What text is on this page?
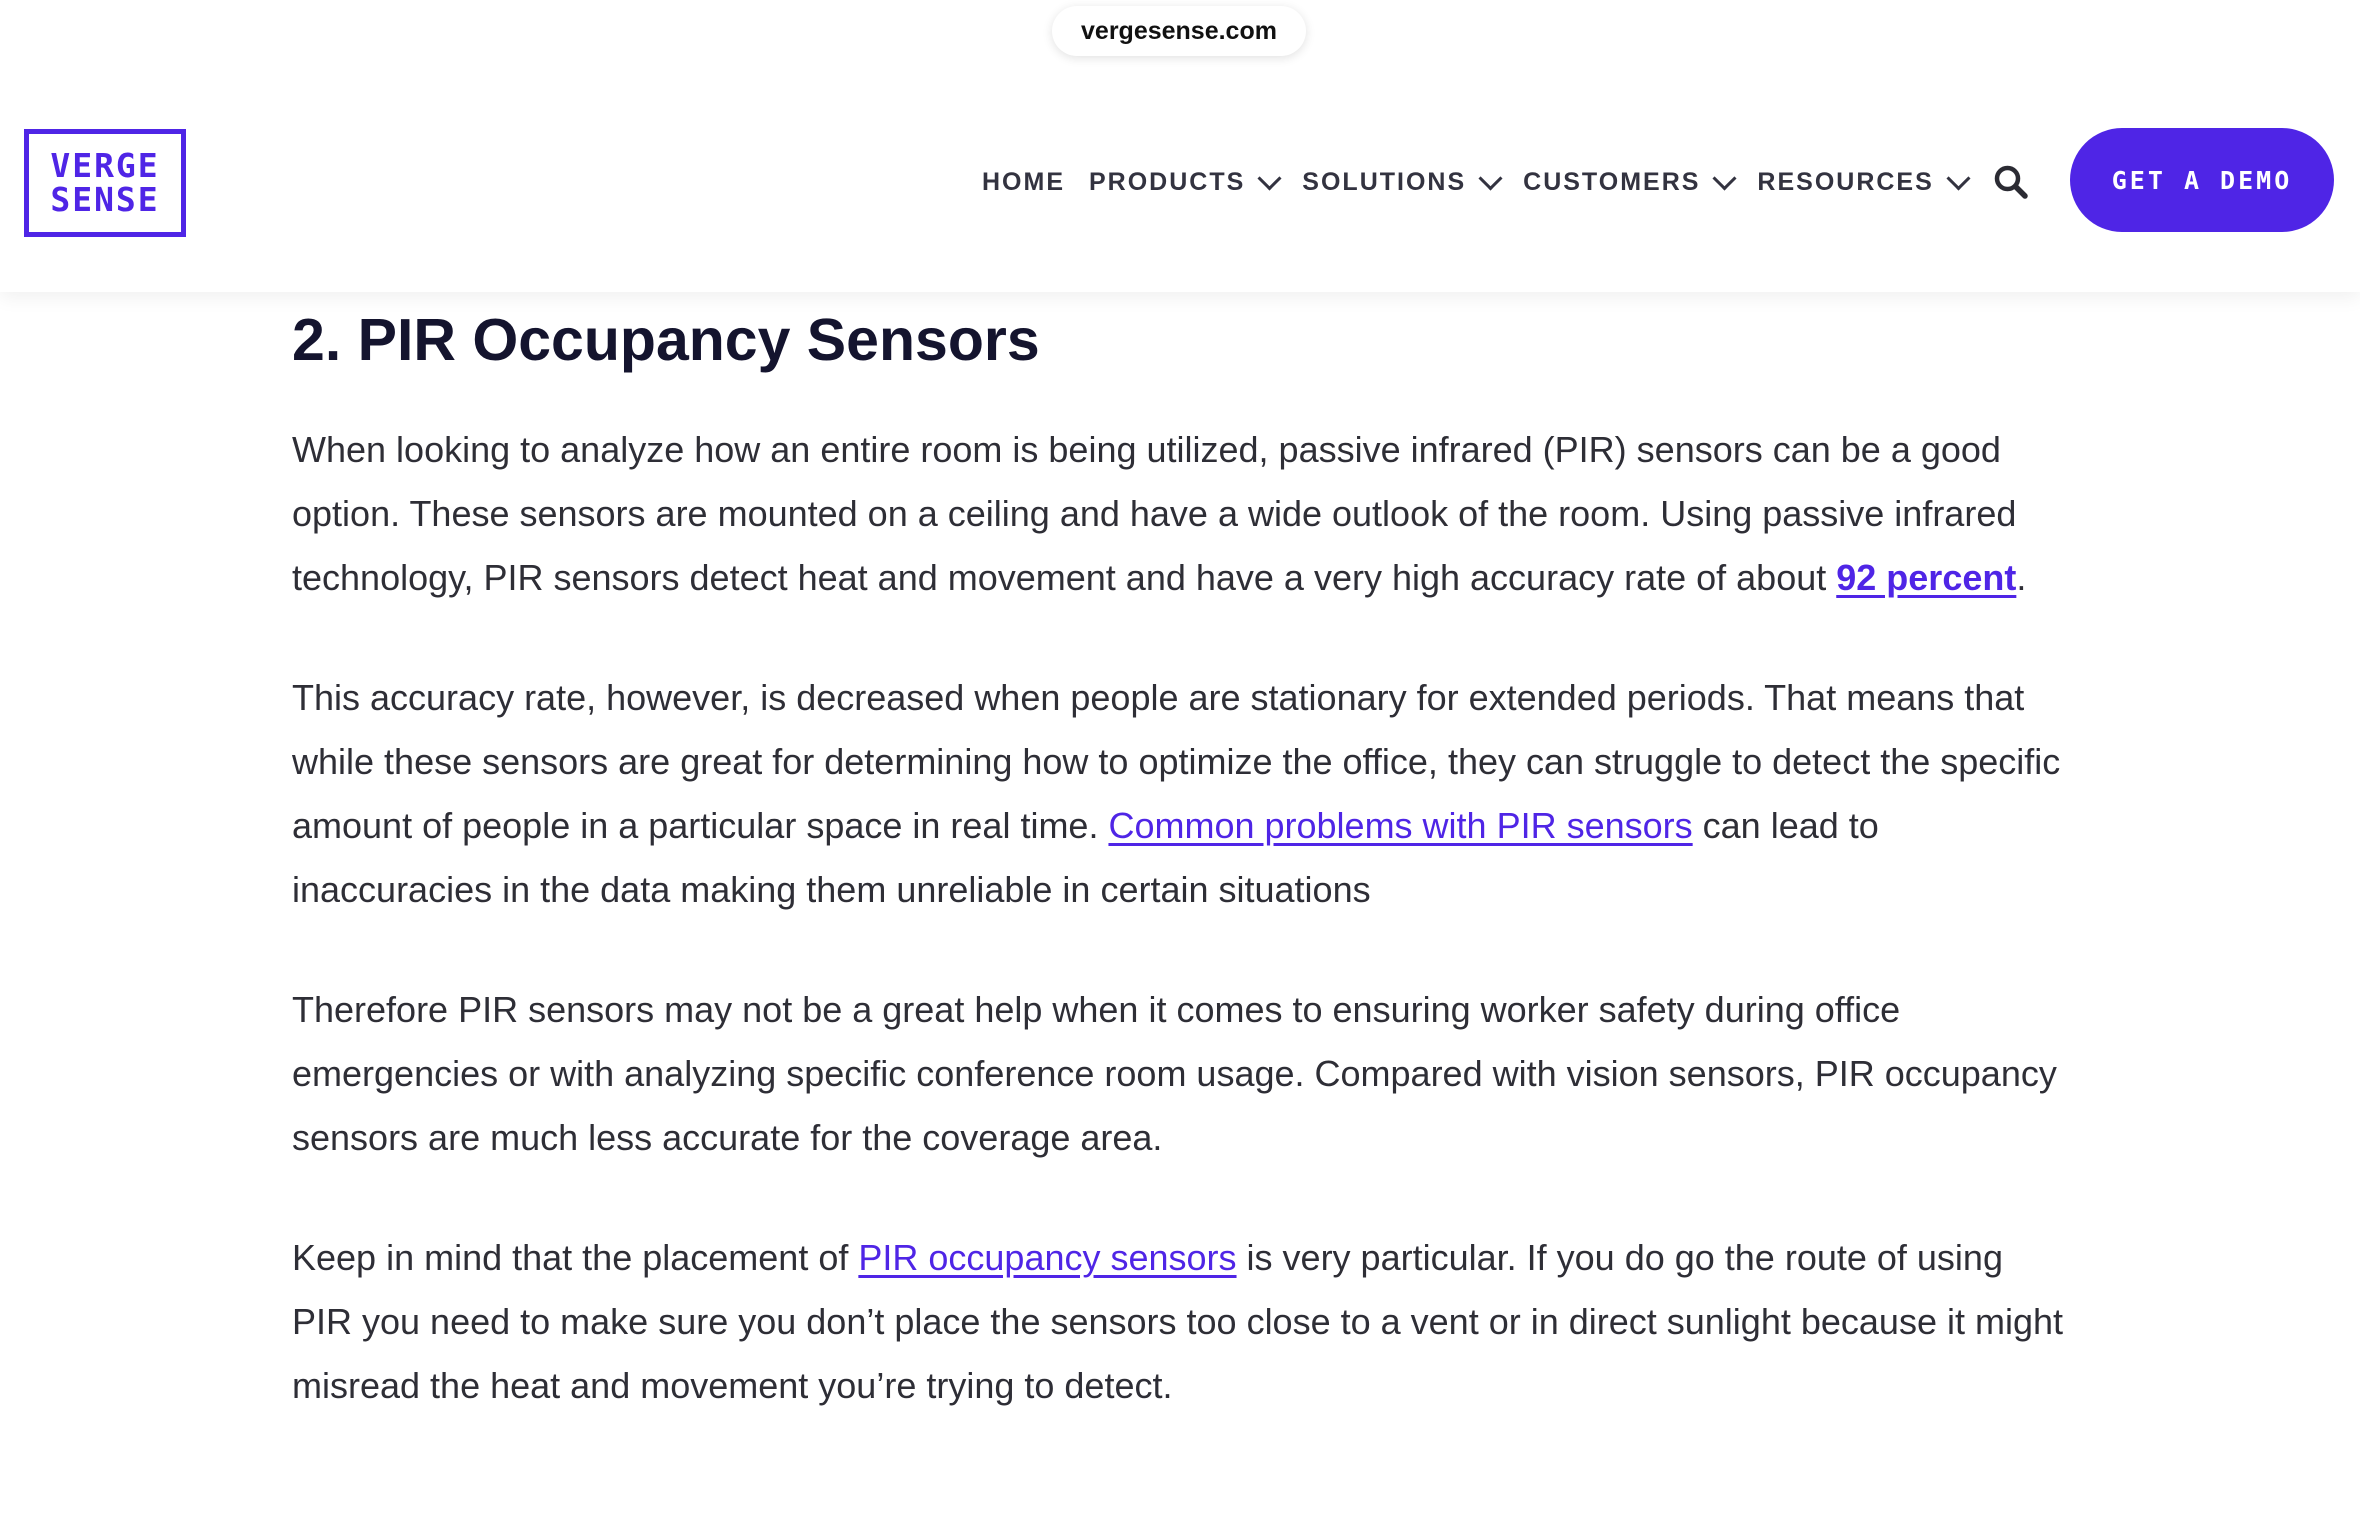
vergesense.com
VERGE
SENSE	HOME PRODUCTS SOLUTIONS CUSTOMERS RESOURCES	GET A DEMO
2. PIR Occupancy Sensors

When looking to analyze how an entire room is being utilized, passive infrared (PIR) sensors can be a good option. These sensors are mounted on a ceiling and have a wide outlook of the room. Using passive infrared technology, PIR sensors detect heat and movement and have a very high accuracy rate of about 92 percent.

This accuracy rate, however, is decreased when people are stationary for extended periods. That means that while these sensors are great for determining how to optimize the office, they can struggle to detect the specific amount of people in a particular space in real time. Common problems with PIR sensors can lead to inaccuracies in the data making them unreliable in certain situations

Therefore PIR sensors may not be a great help when it comes to ensuring worker safety during office emergencies or with analyzing specific conference room usage. Compared with vision sensors, PIR occupancy sensors are much less accurate for the coverage area.

Keep in mind that the placement of PIR occupancy sensors is very particular. If you do go the route of using PIR you need to make sure you don’t place the sensors too close to a vent or in direct sunlight because it might misread the heat and movement you’re trying to detect.
